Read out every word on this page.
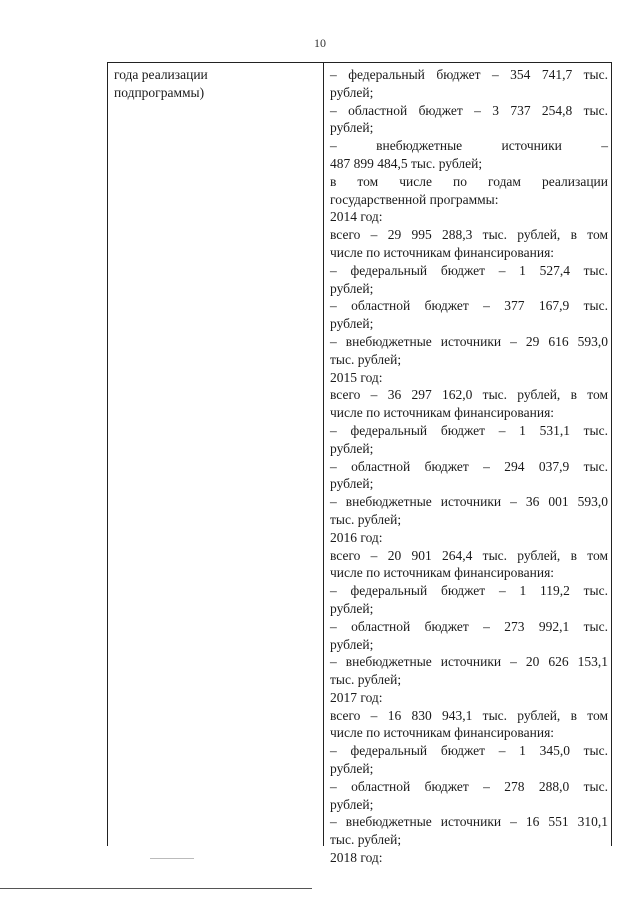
10
года реализации
подпрограммы)
– федеральный бюджет – 354 741,7 тыс.
рублей;
– областной бюджет – 3 737 254,8 тыс.
рублей;
– внебюджетные источники –
487 899 484,5 тыс. рублей;
в том числе по годам реализации
государственной программы:
2014 год:
всего – 29 995 288,3 тыс. рублей, в том
числе по источникам финансирования:
– федеральный бюджет – 1 527,4 тыс.
рублей;
– областной бюджет – 377 167,9 тыс.
рублей;
– внебюджетные источники – 29 616 593,0
тыс. рублей;
2015 год:
всего – 36 297 162,0 тыс. рублей, в том
числе по источникам финансирования:
– федеральный бюджет – 1 531,1 тыс.
рублей;
– областной бюджет – 294 037,9 тыс.
рублей;
– внебюджетные источники – 36 001 593,0
тыс. рублей;
2016 год:
всего – 20 901 264,4 тыс. рублей, в том
числе по источникам финансирования:
– федеральный бюджет – 1 119,2 тыс.
рублей;
– областной бюджет – 273 992,1 тыс.
рублей;
– внебюджетные источники – 20 626 153,1
тыс. рублей;
2017 год:
всего – 16 830 943,1 тыс. рублей, в том
числе по источникам финансирования:
– федеральный бюджет – 1 345,0 тыс.
рублей;
– областной бюджет – 278 288,0 тыс.
рублей;
– внебюджетные источники – 16 551 310,1
тыс. рублей;
2018 год:
